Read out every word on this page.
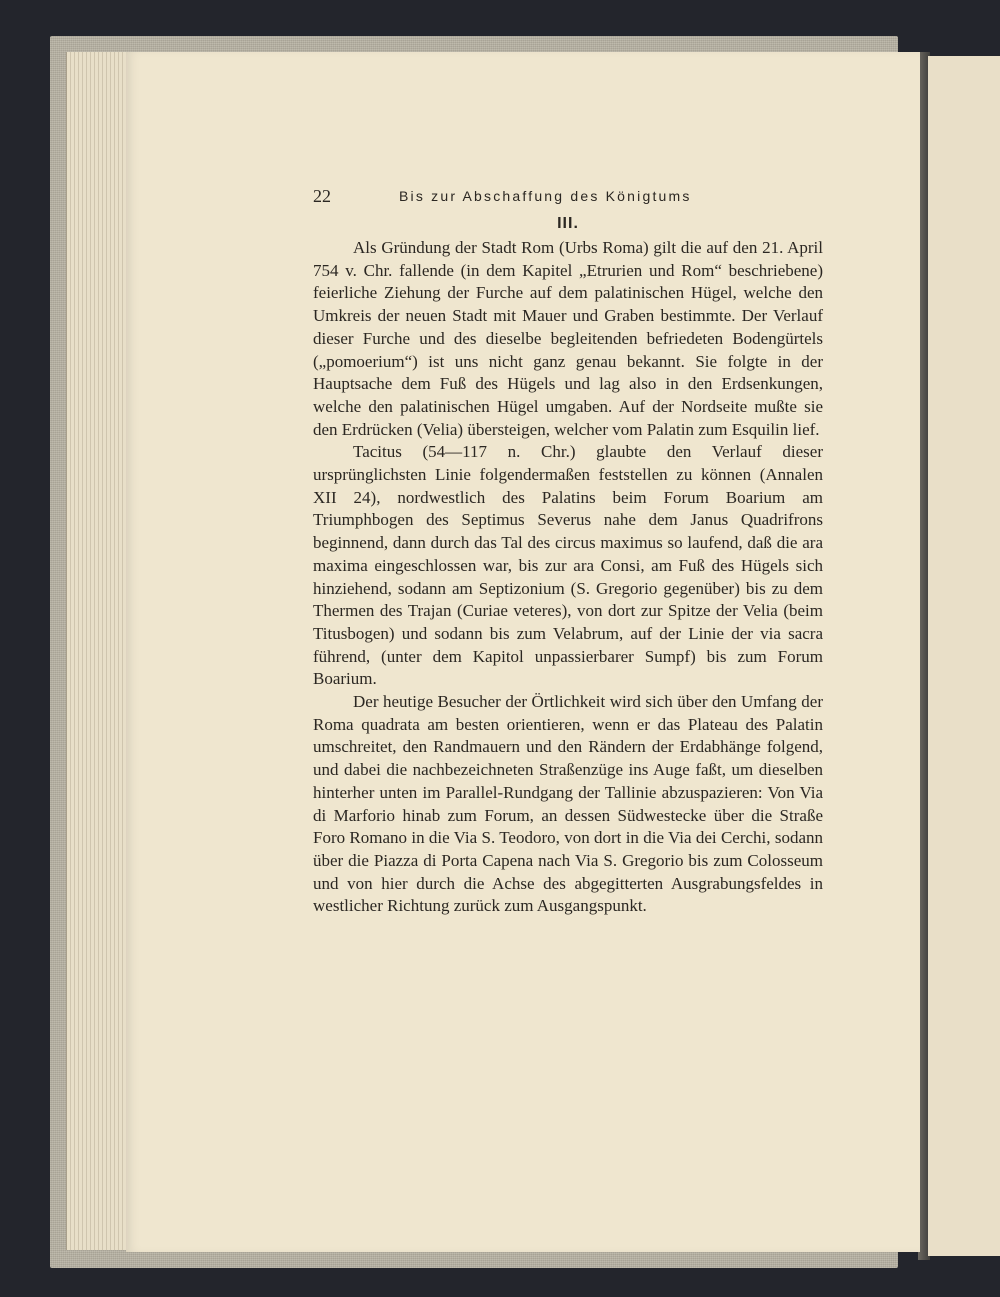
22	Bis zur Abschaffung des Königtums
III.

Als Gründung der Stadt Rom (Urbs Roma) gilt die auf den 21. April 754 v. Chr. fallende (in dem Kapitel „Etrurien und Rom“ beschriebene) feierliche Ziehung der Furche auf dem palatinischen Hügel, welche den Umkreis der neuen Stadt mit Mauer und Graben bestimmte. Der Verlauf dieser Furche und des dieselbe begleitenden befriedeten Bodengürtels („pomoerium“) ist uns nicht ganz genau bekannt. Sie folgte in der Hauptsache dem Fuß des Hügels und lag also in den Erdsenkungen, welche den palatinischen Hügel umgaben. Auf der Nordseite mußte sie den Erdrücken (Velia) übersteigen, welcher vom Palatin zum Esquilin lief.

Tacitus (54—117 n. Chr.) glaubte den Verlauf dieser ursprünglichsten Linie folgendermaßen feststellen zu können (Annalen XII 24), nordwestlich des Palatins beim Forum Boarium am Triumphbogen des Septimus Severus nahe dem Janus Quadrifrons beginnend, dann durch das Tal des circus maximus so laufend, daß die ara maxima eingeschlossen war, bis zur ara Consi, am Fuß des Hügels sich hinziehend, sodann am Septizonium (S. Gregorio gegenüber) bis zu dem Thermen des Trajan (Curiae veteres), von dort zur Spitze der Velia (beim Titusbogen) und sodann bis zum Velabrum, auf der Linie der via sacra führend, (unter dem Kapitol unpassierbarer Sumpf) bis zum Forum Boarium.

Der heutige Besucher der Örtlichkeit wird sich über den Umfang der Roma quadrata am besten orientieren, wenn er das Plateau des Palatin umschreitet, den Randmauern und den Rändern der Erdabhänge folgend, und dabei die nachbezeichneten Straßenzüge ins Auge faßt, um dieselben hinterher unten im Parallel-Rundgang der Tallinie abzuspazieren: Von Via di Marforio hinab zum Forum, an dessen Südwestecke über die Straße Foro Romano in die Via S. Teodoro, von dort in die Via dei Cerchi, sodann über die Piazza di Porta Capena nach Via S. Gregorio bis zum Colosseum und von hier durch die Achse des abgegitterten Ausgrabungsfeldes in westlicher Richtung zurück zum Ausgangspunkt.
